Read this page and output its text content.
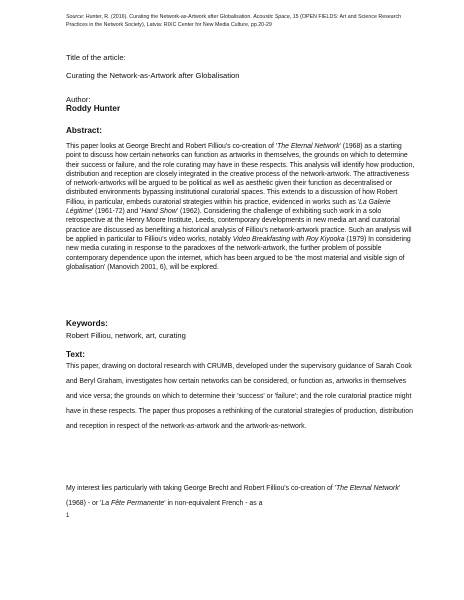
Source: Hunter, R. (2016). Curating the Network-as-Artwork after Globalisation. Acoustic Space, 15 (OPEN FIELDS: Art and Science Research Practices in the Network Society), Latvia: RIXC Center for New Media Culture, pp.20-29
Title of the article:
Curating the Network-as-Artwork after Globalisation
Author:
Roddy Hunter
Abstract:
This paper looks at George Brecht and Robert Filliou's co-creation of 'The Eternal Network' (1968) as a starting point to discuss how certain networks can function as artworks in themselves, the grounds on which to determine their success or failure, and the role curating may have in these respects. This analysis will identify how production, distribution and reception are closely integrated in the creative process of the network-artwork. The attractiveness of network-artworks will be argued to be political as well as aesthetic given their function as decentralised or distributed environments bypassing institutional curatorial spaces. This extends to a discussion of how Robert Filliou, in particular, embeds curatorial strategies within his practice, evidenced in works such as 'La Galerie Légitime' (1961-72) and 'Hand Show' (1962). Considering the challenge of exhibiting such work in a solo retrospective at the Henry Moore Institute, Leeds, contemporary developments in new media art and curatorial practice are discussed as benefiting a historical analysis of Filliou's network-artwork practice. Such an analysis will be applied in particular to Filliou's video works, notably Video Breakfasting with Roy Kiyooka (1979) In considering new media curating in response to the paradoxes of the network-artwork, the further problem of possible contemporary dependence upon the internet, which has been argued to be 'the most material and visible sign of globalisation' (Manovich 2001, 6), will be explored.
Keywords:
Robert Filliou, network, art, curating
Text:
This paper, drawing on doctoral research with CRUMB, developed under the supervisory guidance of Sarah Cook and Beryl Graham, investigates how certain networks can be considered, or function as, artworks in themselves and vice versa; the grounds on which to determine their 'success' or 'failure'; and the role curatorial practice might have in these respects. The paper thus proposes a rethinking of the curatorial strategies of production, distribution and reception in respect of the network-as-artwork and the artwork-as-network.
My interest lies particularly with taking George Brecht and Robert Filliou's co-creation of 'The Eternal Network' (1968) - or 'La Fête Permanente' in non-equivalent French - as a
1
